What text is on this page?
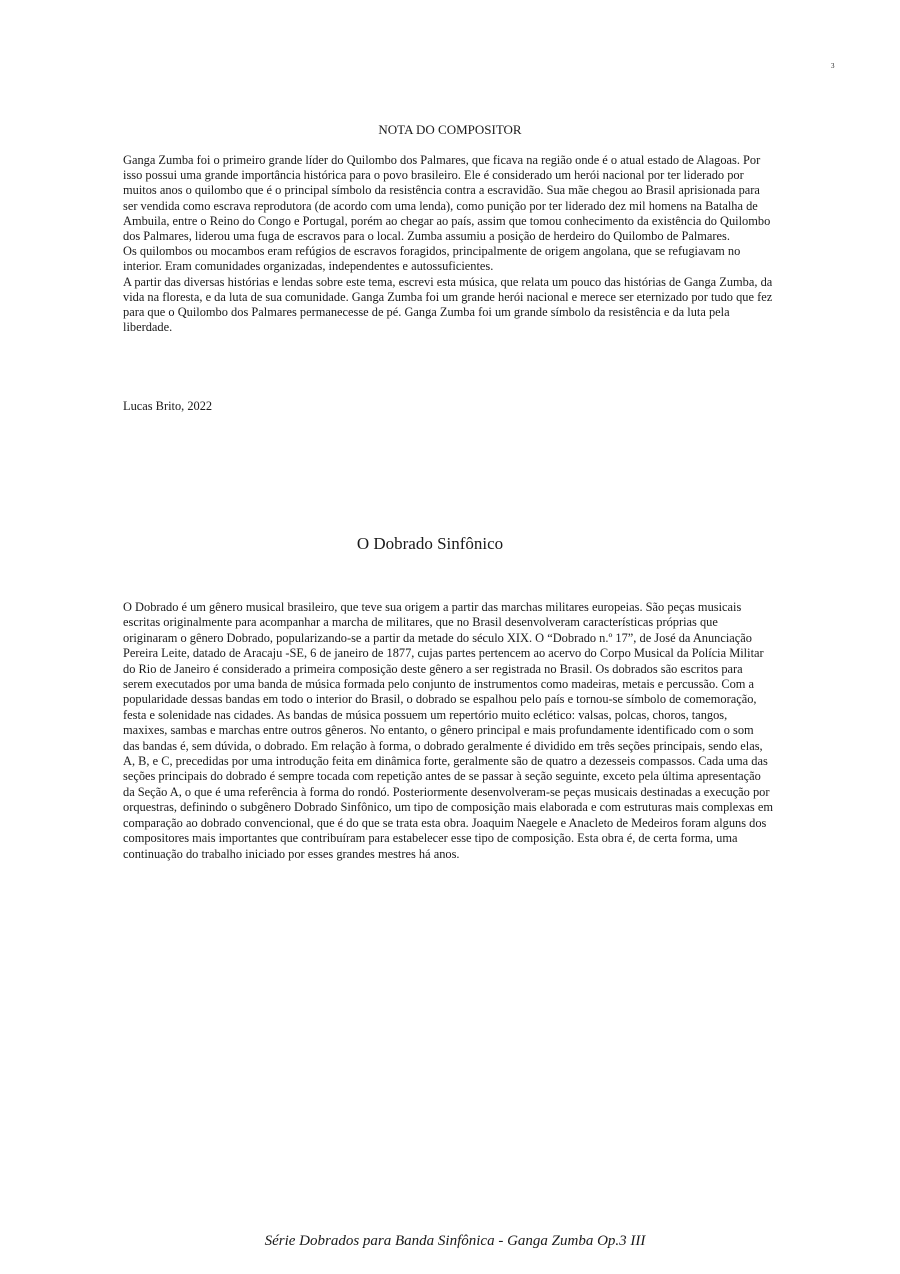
3
NOTA DO COMPOSITOR

Ganga Zumba foi o primeiro grande líder do Quilombo dos Palmares, que ficava na região onde é o atual estado de Alagoas. Por isso possui uma grande importância histórica para o povo brasileiro. Ele é considerado um herói nacional por ter liderado por muitos anos o quilombo que é o principal símbolo da resistência contra a escravidão. Sua mãe chegou ao Brasil aprisionada para ser vendida como escrava reprodutora (de acordo com uma lenda), como punição por ter liderado dez mil homens na Batalha de Ambuila, entre o Reino do Congo e Portugal, porém ao chegar ao país, assim que tomou conhecimento da existência do Quilombo dos Palmares, liderou uma fuga de escravos para o local. Zumba assumiu a posição de herdeiro do Quilombo de Palmares.

Os quilombos ou mocambos eram refúgios de escravos foragidos, principalmente de origem angolana, que se refugiavam no interior. Eram comunidades organizadas, independentes e autossuficientes.

A partir das diversas histórias e lendas sobre este tema, escrevi esta música, que relata um pouco das histórias de Ganga Zumba, da vida na floresta, e da luta de sua comunidade. Ganga Zumba foi um grande herói nacional e merece ser eternizado por tudo que fez para que o Quilombo dos Palmares permanecesse de pé. Ganga Zumba foi um grande símbolo da resistência e da luta pela liberdade.

Lucas Brito, 2022
O Dobrado Sinfônico

O Dobrado é um gênero musical brasileiro, que teve sua origem a partir das marchas militares europeias. São peças musicais escritas originalmente para acompanhar a marcha de militares, que no Brasil desenvolveram características próprias que originaram o gênero Dobrado, popularizando-se a partir da metade do século XIX. O “Dobrado n.º 17”, de José da Anunciação Pereira Leite, datado de Aracaju -SE, 6 de janeiro de 1877, cujas partes pertencem ao acervo do Corpo Musical da Polícia Militar do Rio de Janeiro é considerado a primeira composição deste gênero a ser registrada no Brasil. Os dobrados são escritos para serem executados por uma banda de música formada pelo conjunto de instrumentos como madeiras, metais e percussão. Com a popularidade dessas bandas em todo o interior do Brasil, o dobrado se espalhou pelo país e tornou-se símbolo de comemoração, festa e solenidade nas cidades. As bandas de música possuem um repertório muito eclético: valsas, polcas, choros, tangos, maxixes, sambas e marchas entre outros gêneros. No entanto, o gênero principal e mais profundamente identificado com o som das bandas é, sem dúvida, o dobrado. Em relação à forma, o dobrado geralmente é dividido em três seções principais, sendo elas, A, B, e C, precedidas por uma introdução feita em dinâmica forte, geralmente são de quatro a dezesseis compassos. Cada uma das seções principais do dobrado é sempre tocada com repetição antes de se passar à seção seguinte, exceto pela última apresentação da Seção A, o que é uma referência à forma do rondó. Posteriormente desenvolveram-se peças musicais destinadas a execução por orquestras, definindo o subgênero Dobrado Sinfônico, um tipo de composição mais elaborada e com estruturas mais complexas em comparação ao dobrado convencional, que é do que se trata esta obra. Joaquim Naegele e Anacleto de Medeiros foram alguns dos compositores mais importantes que contribuíram para estabelecer esse tipo de composição. Esta obra é, de certa forma, uma continuação do trabalho iniciado por esses grandes mestres há anos.

Série Dobrados para Banda Sinfônica - Ganga Zumba Op.3 III
